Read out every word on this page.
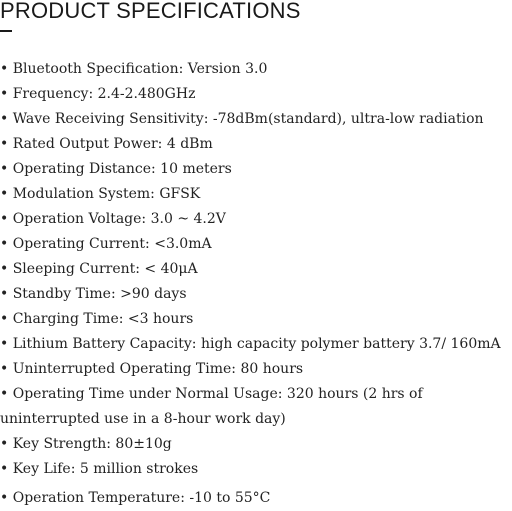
PRODUCT SPECIFICATIONS
• Bluetooth Specification: Version 3.0
• Frequency: 2.4-2.480GHz
• Wave Receiving Sensitivity: -78dBm(standard), ultra-low radiation
• Rated Output Power: 4 dBm
• Operating Distance: 10 meters
• Modulation System: GFSK
• Operation Voltage: 3.0 ~ 4.2V
• Operating Current: <3.0mA
• Sleeping Current: < 40μA
• Standby Time: >90 days
• Charging Time: <3 hours
• Lithium Battery Capacity: high capacity polymer battery 3.7/ 160mA
• Uninterrupted Operating Time: 80 hours
• Operating Time under Normal Usage: 320 hours (2 hrs of uninterrupted use in a 8-hour work day)
• Key Strength: 80±10g
• Key Life: 5 million strokes
• Operation Temperature: -10 to 55°C
